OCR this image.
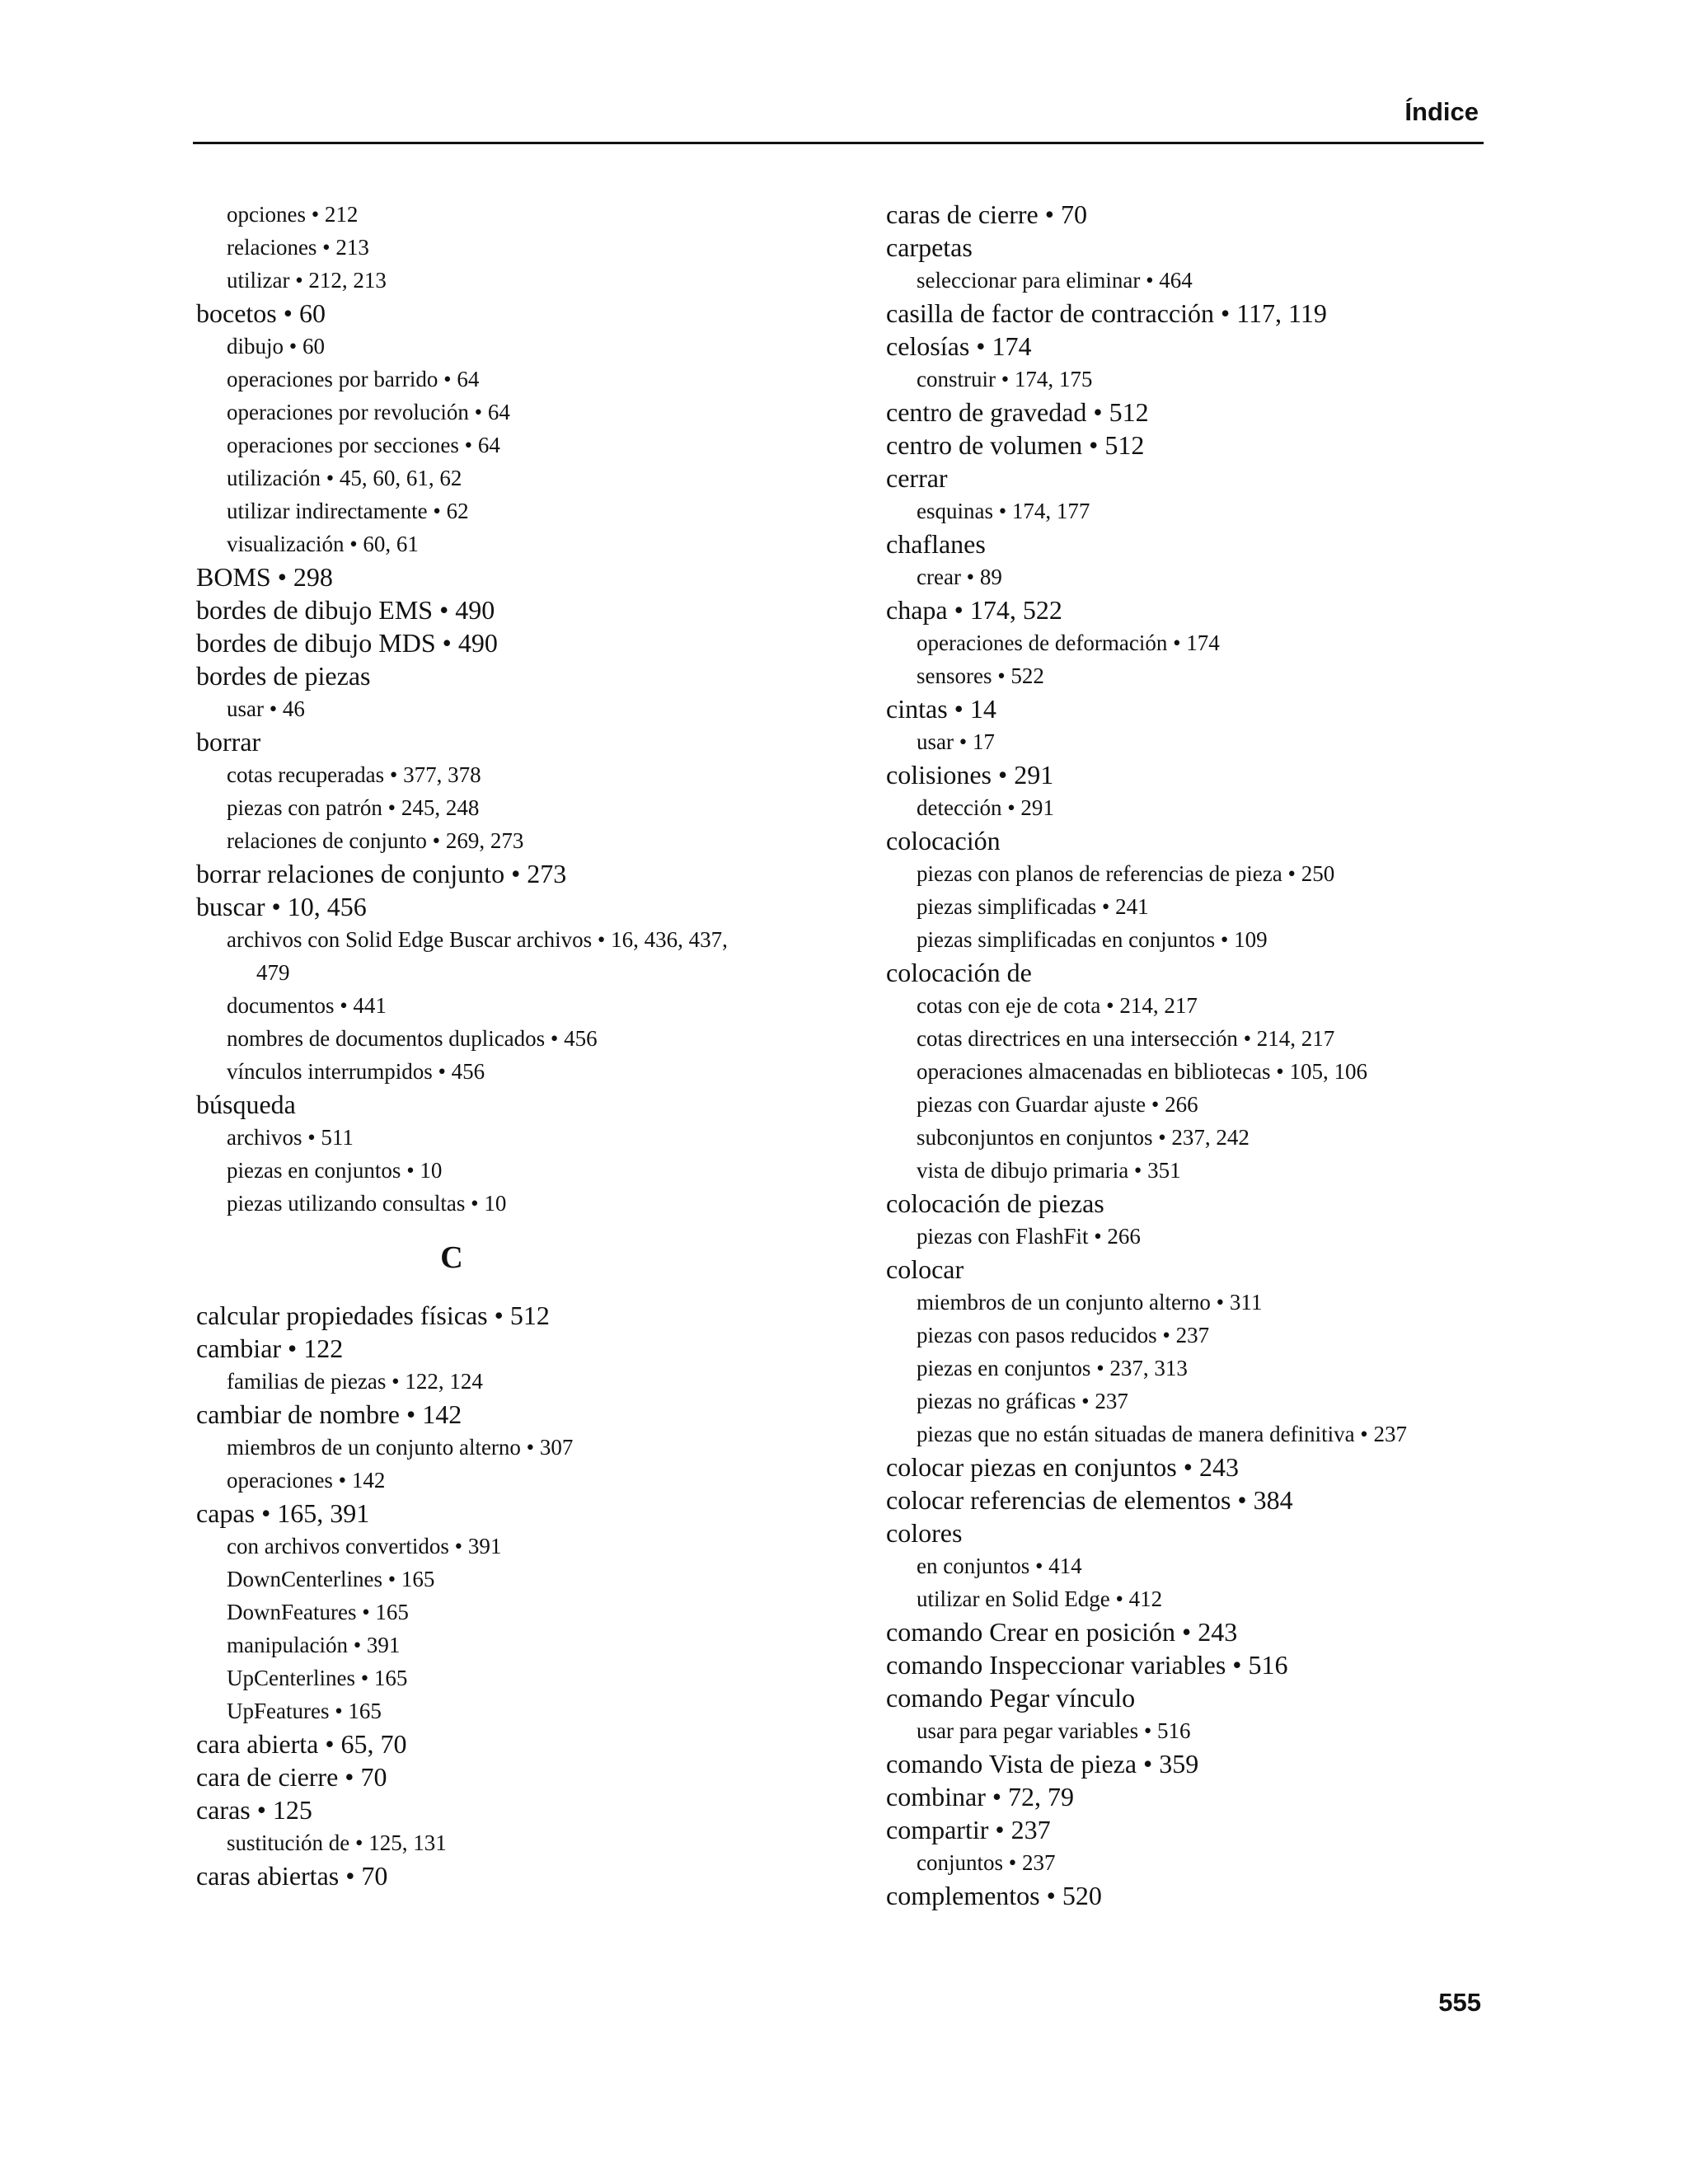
Índice
opciones • 212
relaciones • 213
utilizar • 212, 213
bocetos • 60
dibujo • 60
operaciones por barrido • 64
operaciones por revolución • 64
operaciones por secciones • 64
utilización • 45, 60, 61, 62
utilizar indirectamente • 62
visualización • 60, 61
BOMS • 298
bordes de dibujo EMS • 490
bordes de dibujo MDS • 490
bordes de piezas
usar • 46
borrar
cotas recuperadas • 377, 378
piezas con patrón • 245, 248
relaciones de conjunto • 269, 273
borrar relaciones de conjunto • 273
buscar • 10, 456
archivos con Solid Edge Buscar archivos • 16, 436, 437,
479
documentos • 441
nombres de documentos duplicados • 456
vínculos interrumpidos • 456
búsqueda
archivos • 511
piezas en conjuntos • 10
piezas utilizando consultas • 10
C
calcular propiedades físicas • 512
cambiar • 122
familias de piezas • 122, 124
cambiar de nombre • 142
miembros de un conjunto alterno • 307
operaciones • 142
capas • 165, 391
con archivos convertidos • 391
DownCenterlines • 165
DownFeatures • 165
manipulación • 391
UpCenterlines • 165
UpFeatures • 165
cara abierta • 65, 70
cara de cierre • 70
caras • 125
sustitución de • 125, 131
caras abiertas • 70
caras de cierre • 70
carpetas
seleccionar para eliminar • 464
casilla de factor de contracción • 117, 119
celosías • 174
construir • 174, 175
centro de gravedad • 512
centro de volumen • 512
cerrar
esquinas • 174, 177
chaflanes
crear • 89
chapa • 174, 522
operaciones de deformación • 174
sensores • 522
cintas • 14
usar • 17
colisiones • 291
detección • 291
colocación
piezas con planos de referencias de pieza • 250
piezas simplificadas • 241
piezas simplificadas en conjuntos • 109
colocación de
cotas con eje de cota • 214, 217
cotas directrices en una intersección • 214, 217
operaciones almacenadas en bibliotecas • 105, 106
piezas con Guardar ajuste • 266
subconjuntos en conjuntos • 237, 242
vista de dibujo primaria • 351
colocación de piezas
piezas con FlashFit • 266
colocar
miembros de un conjunto alterno • 311
piezas con pasos reducidos • 237
piezas en conjuntos • 237, 313
piezas no gráficas • 237
piezas que no están situadas de manera definitiva • 237
colocar piezas en conjuntos • 243
colocar referencias de elementos • 384
colores
en conjuntos • 414
utilizar en Solid Edge • 412
comando Crear en posición • 243
comando Inspeccionar variables • 516
comando Pegar vínculo
usar para pegar variables • 516
comando Vista de pieza • 359
combinar • 72, 79
compartir • 237
conjuntos • 237
complementos • 520
555
